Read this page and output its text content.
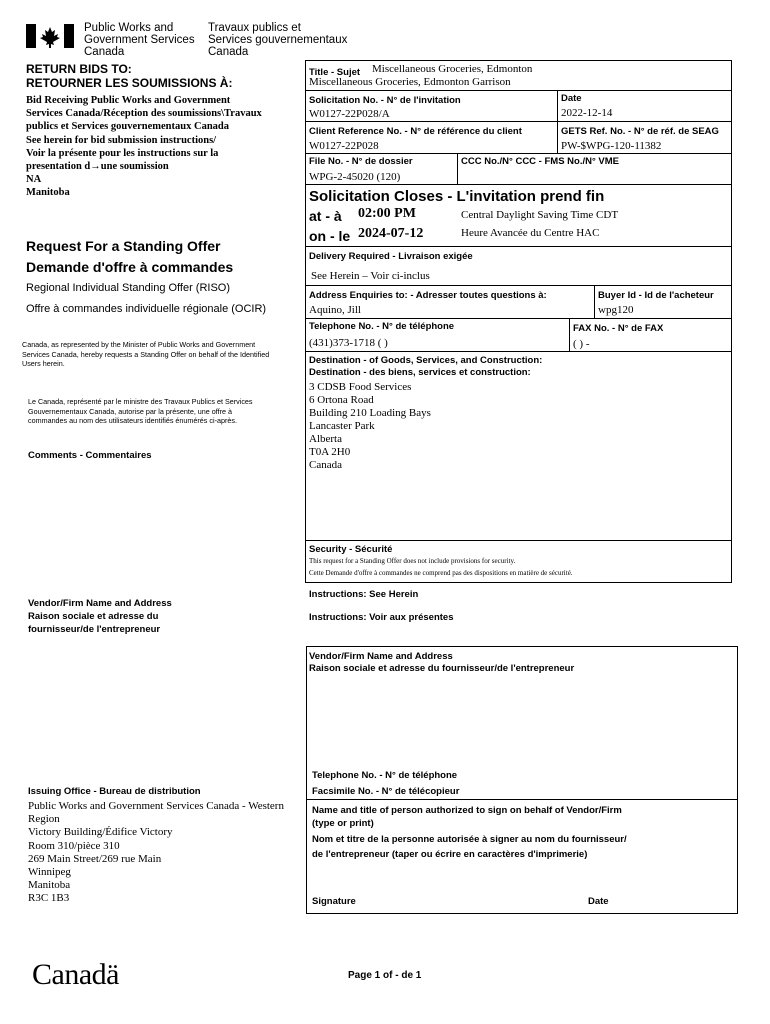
Public Works and
Government Services
Canada
Travaux publics et
Services gouvernementaux
Canada
RETURN BIDS TO:
RETOURNER LES SOUMISSIONS À:
Bid Receiving Public Works and Government Services Canada/Réception des soumissions\Travaux publics et Services gouvernementaux Canada
See herein for bid submission instructions/
Voir la présente pour les instructions sur la presentation d→une soumission
NA
Manitoba
Request For a Standing Offer
Demande d'offre à commandes
Regional Individual Standing Offer (RISO)
Offre à commandes individuelle régionale (OCIR)
Canada, as represented by the Minister of Public Works and Government Services Canada, hereby requests a Standing Offer on behalf of the Identified Users herein.
Le Canada, représenté par le ministre des Travaux Publics et Services Gouvernementaux Canada, autorise par la présente, une offre à commandes au nom des utilisateurs identifiés énumérés ci-après.
Comments - Commentaires
Vendor/Firm Name and Address
Raison sociale et adresse du
fournisseur/de l'entrepreneur
Issuing Office - Bureau de distribution
Public Works and Government Services Canada - Western Region
Victory Building/Édifice Victory
Room 310/pièce 310
269 Main Street/269 rue Main
Winnipeg
Manitoba
R3C 1B3
Title - Sujet	Miscellaneous Groceries, Edmonton
Miscellaneous Groceries, Edmonton Garrison
Solicitation No. - N° de l'invitation
W0127-22P028/A
Date
2022-12-14
Client Reference No. - N° de référence du client
W0127-22P028
GETS Ref. No. - N° de réf. de SEAG
PW-$WPG-120-11382
File No. - N° de dossier
WPG-2-45020 (120)
CCC No./N° CCC - FMS No./N° VME
Solicitation Closes - L'invitation prend fin
at - à 02:00 PM	Central Daylight Saving Time CDT
on - le 2024-07-12	Heure Avancée du Centre HAC
Delivery Required - Livraison exigée
See Herein – Voir ci-inclus
Address Enquiries to: - Adresser toutes questions à:
Aquino, Jill
Buyer Id - Id de l'acheteur
wpg120
Telephone No. - N° de téléphone
(431)373-1718 ( )
FAX No. - N° de FAX
( ) -
Destination - of Goods, Services, and Construction:
Destination - des biens, services et construction:
3 CDSB Food Services
6 Ortona Road
Building 210 Loading Bays
Lancaster Park
Alberta
T0A 2H0
Canada
Security - Sécurité
This request for a Standing Offer does not include provisions for security.
Cette Demande d'offre à commandes ne comprend pas des dispositions en matière de sécurité.
Instructions: See Herein
Instructions: Voir aux présentes
Vendor/Firm Name and Address
Raison sociale et adresse du fournisseur/de l'entrepreneur
Telephone No. - N° de téléphone
Facsimile No. - N° de télécopieur
Name and title of person authorized to sign on behalf of Vendor/Firm
(type or print)
Nom et titre de la personne autorisée à signer au nom du fournisseur/
de l'entrepreneur (taper ou écrire en caractères d'imprimerie)
Signature	Date
Canadä	Page 1 of - de 1
